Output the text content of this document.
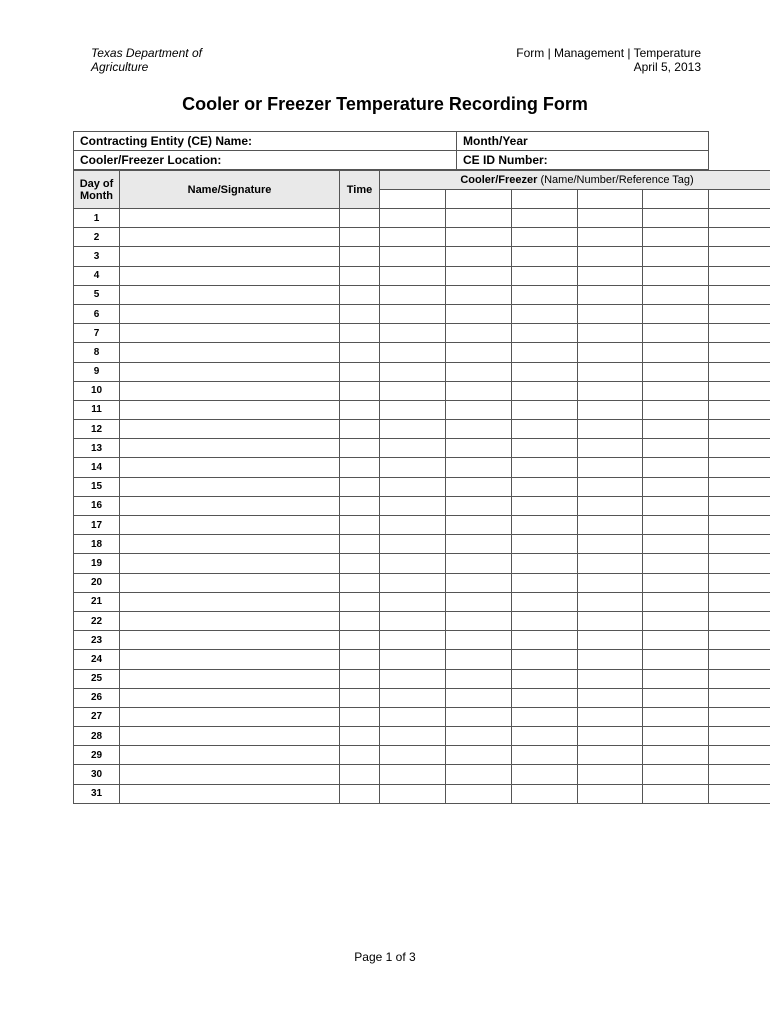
Texas Department of
Agriculture
Form | Management | Temperature
April 5, 2013
Cooler or Freezer Temperature Recording Form
Contracting Entity (CE) Name:	Month/Year
Cooler/Freezer Location:	CE ID Number:
Day of
Month	Name/Signature	Time	Cooler/Freezer (Name/Number/Reference Tag)					

1								
2								
3								
4								
5								
6								
7								
8								
9								
10								
11								
12								
13								
14								
15								
16								
17								
18								
19								
20								
21								
22								
23								
24								
25								
26								
27								
28								
29								
30								
31								
Page 1 of 3
